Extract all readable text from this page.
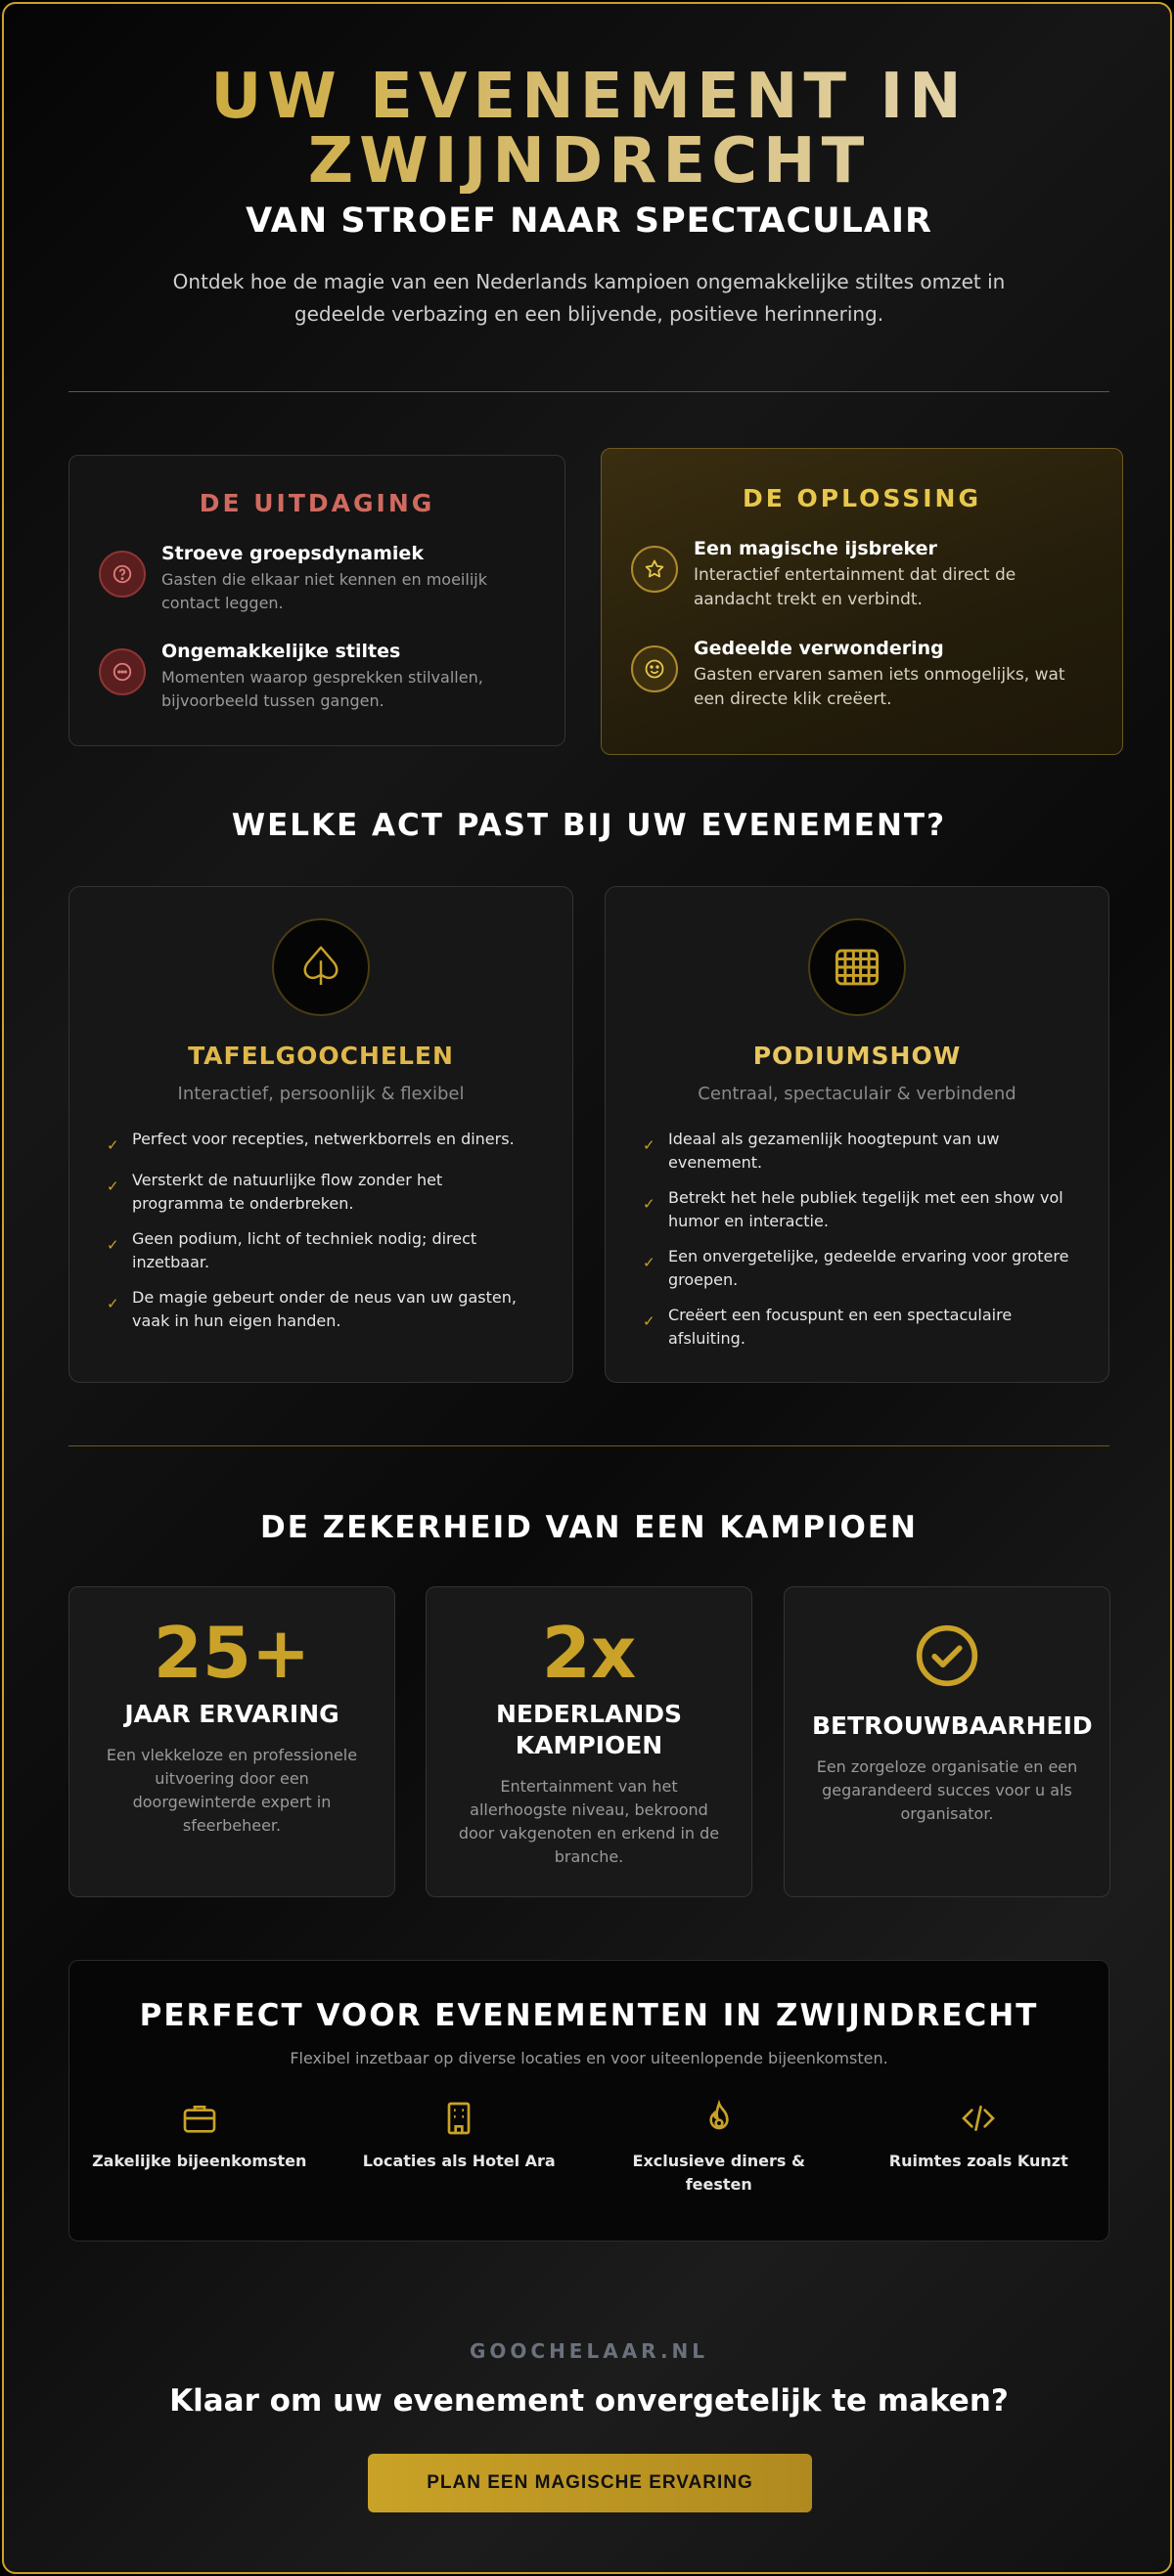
UW EVENEMENT IN
ZWIJNDRECHT
VAN STROEF NAAR SPECTACULAIR

Ontdek hoe de magie van een Nederlands kampioen ongemakkelijke stiltes omzet in gedeelde verbazing en een blijvende, positieve herinnering.

DE UITDAGING
Stroeve groepsdynamiek

Gasten die elkaar niet kennen en moeilijk contact leggen.

Ongemakkelijke stiltes

Momenten waarop gesprekken stilvallen, bijvoorbeeld tussen gangen.

DE OPLOSSING
Een magische ijsbreker

Interactief entertainment dat direct de aandacht trekt en verbindt.

Gedeelde verwondering

Gasten ervaren samen iets onmogelijks, wat een directe klik creëert.

WELKE ACT PAST BIJ UW EVENEMENT?
TAFELGOOCHELEN
Interactief, persoonlijk & flexibel
✓ Perfect voor recepties, netwerkborrels en diners.
✓ Versterkt de natuurlijke flow zonder het programma te onderbreken.
✓ Geen podium, licht of techniek nodig; direct inzetbaar.
✓ De magie gebeurt onder de neus van uw gasten, vaak in hun eigen handen.
PODIUMSHOW
Centraal, spectaculair & verbindend
✓ Ideaal als gezamenlijk hoogtepunt van uw evenement.
✓ Betrekt het hele publiek tegelijk met een show vol humor en interactie.
✓ Een onvergetelijke, gedeelde ervaring voor grotere groepen.
✓ Creëert een focuspunt en een spectaculaire afsluiting.
DE ZEKERHEID VAN EEN KAMPIOEN
25+
JAAR ERVARING

Een vlekkeloze en professionele uitvoering door een doorgewinterde expert in sfeerbeheer.

2x
NEDERLANDS KAMPIOEN

Entertainment van het allerhoogste niveau, bekroond door vakgenoten en erkend in de branche.

BETROUWBAARHEID

Een zorgeloze organisatie en een gegarandeerd succes voor u als organisator.

PERFECT VOOR EVENEMENTEN IN ZWIJNDRECHT

Flexibel inzetbaar op diverse locaties en voor uiteenlopende bijeenkomsten.

Zakelijke bijeenkomsten	Locaties als Hotel Ara	Exclusieve diners & feesten
Ruimtes zoals Kunzt
GOOCHELAAR.NL
Klaar om uw evenement onvergetelijk te maken?
PLAN EEN MAGISCHE ERVARING
